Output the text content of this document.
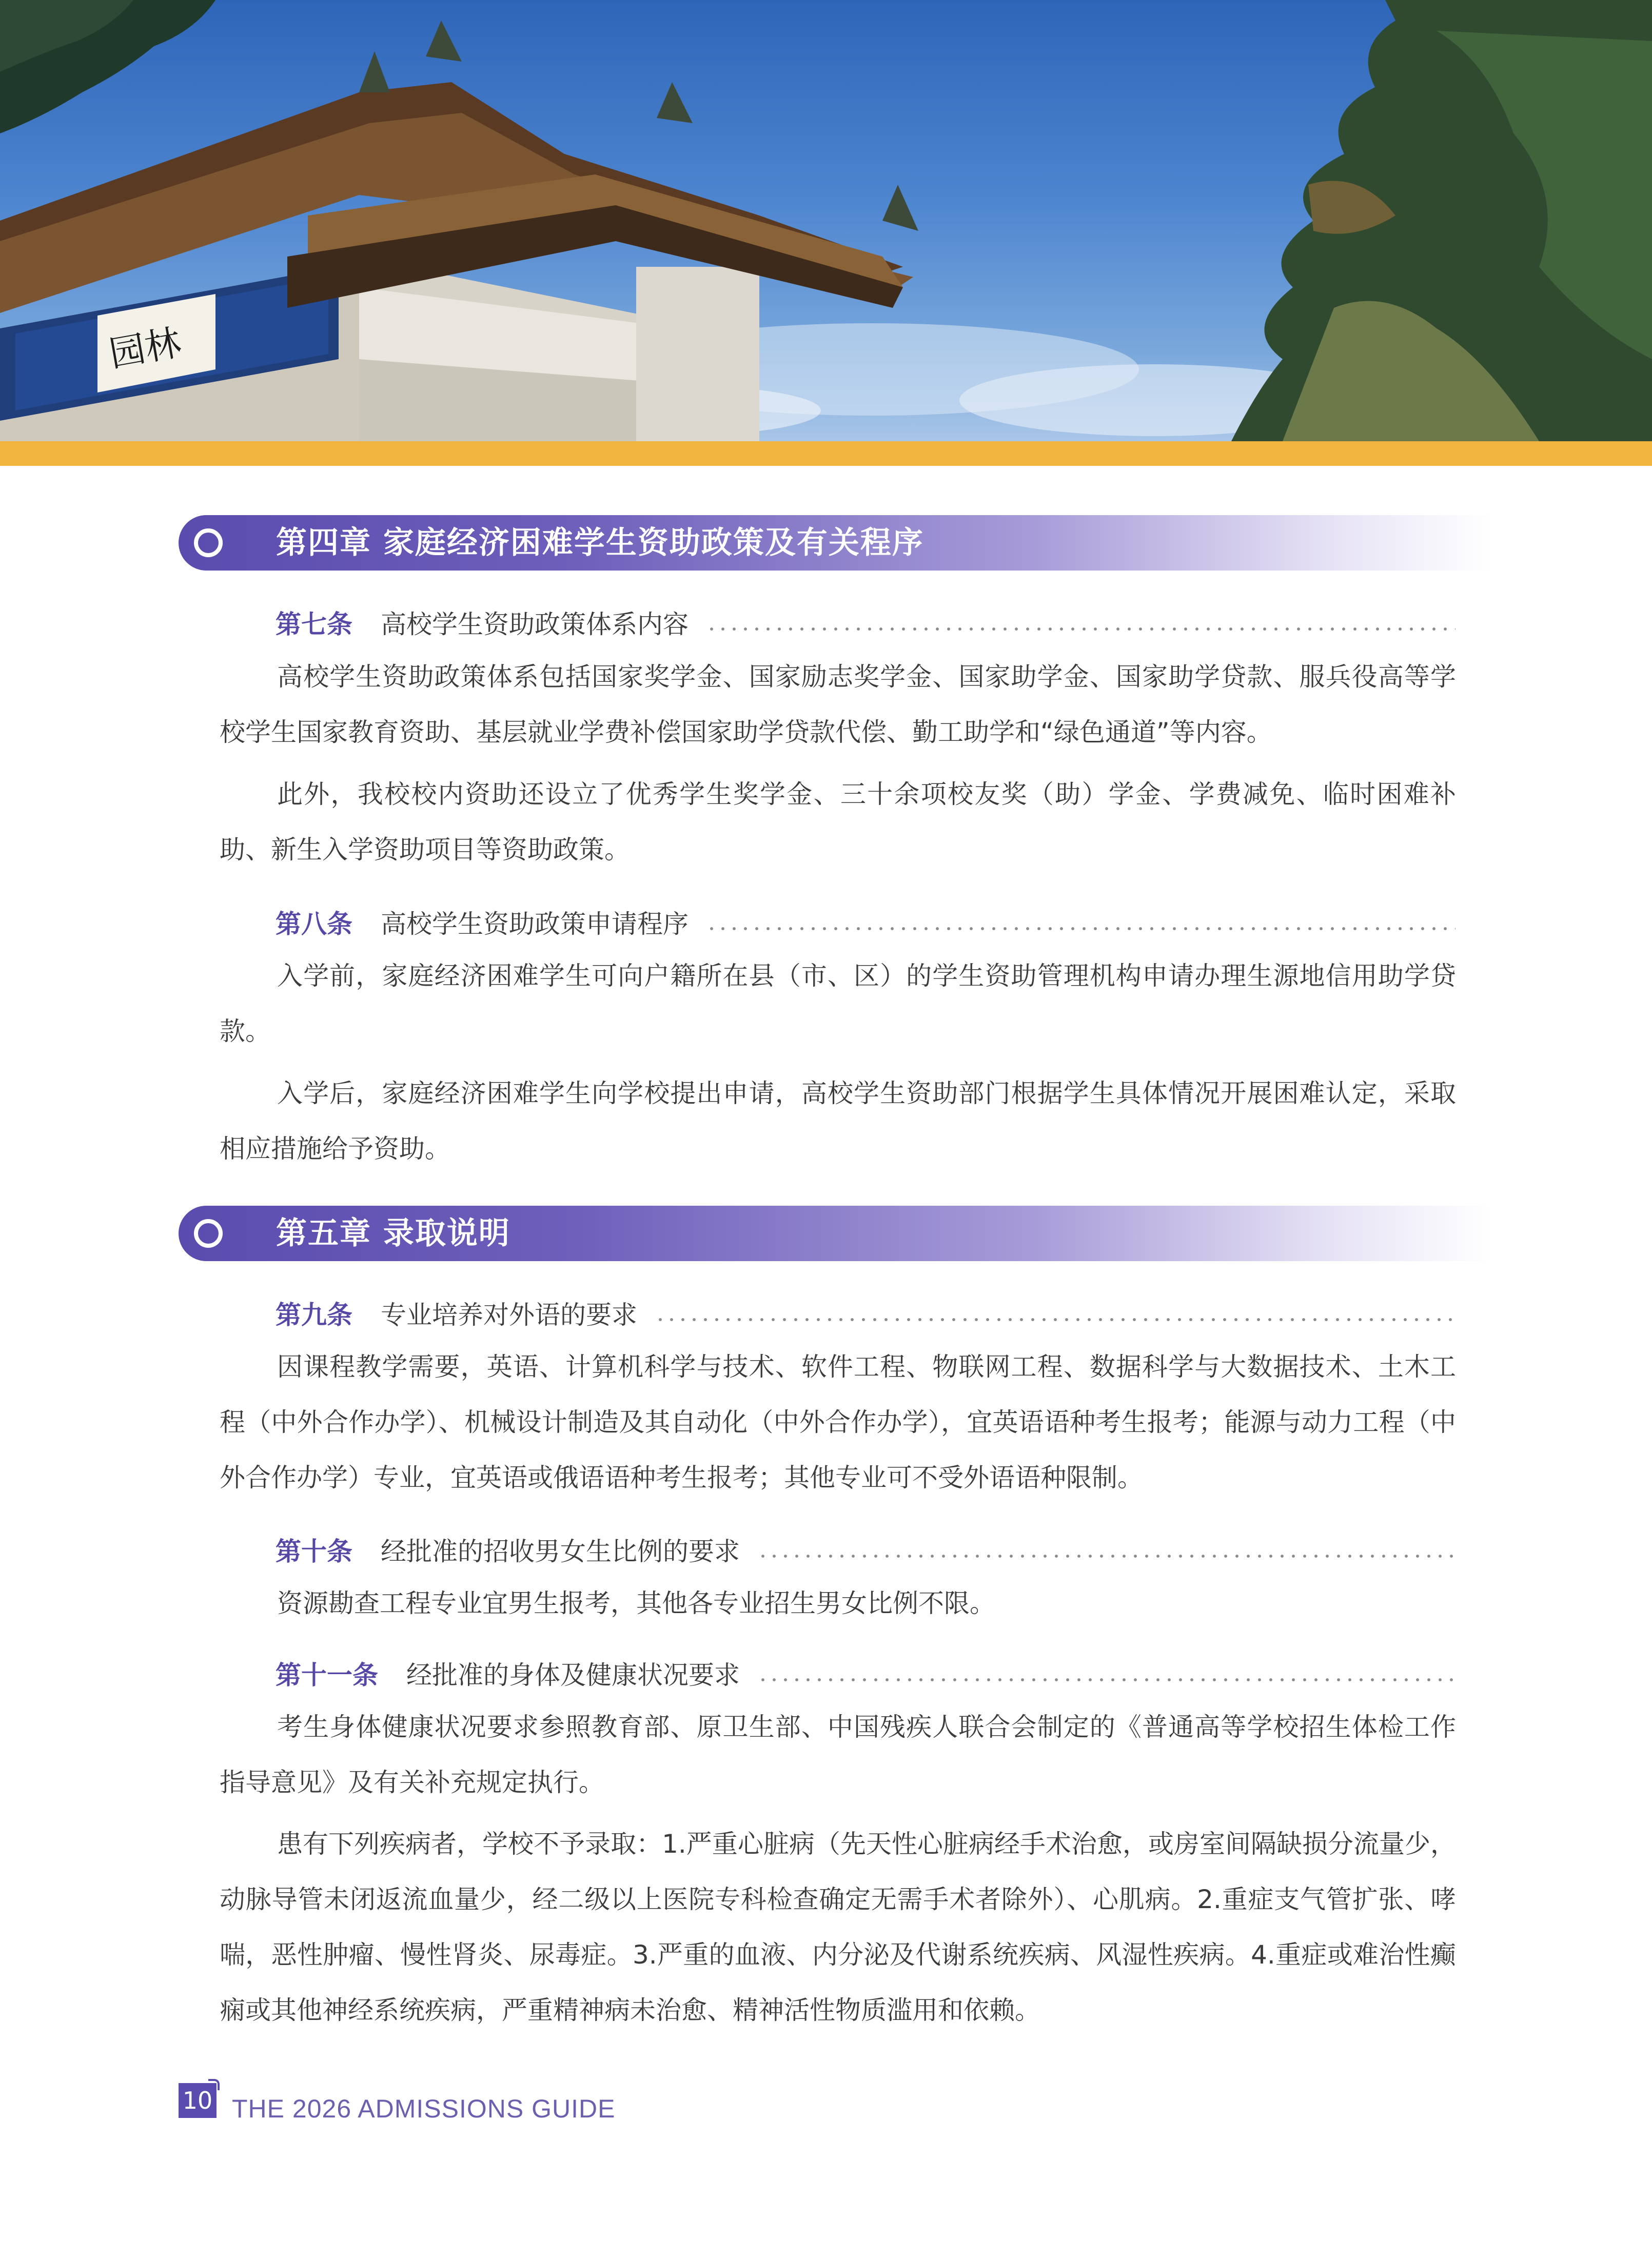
园林
第四章 家庭经济困难学生资助政策及有关程序
第七条 高校学生资助政策体系内容

高校学生资助政策体系包括国家奖学金、国家励志奖学金、国家助学金、国家助学贷款、服兵役高等学校学生国家教育资助、基层就业学费补偿国家助学贷款代偿、勤工助学和“绿色通道”等内容。

此外，我校校内资助还设立了优秀学生奖学金、三十余项校友奖（助）学金、学费减免、临时困难补助、新生入学资助项目等资助政策。

第八条 高校学生资助政策申请程序

入学前，家庭经济困难学生可向户籍所在县（市、区）的学生资助管理机构申请办理生源地信用助学贷款。

入学后，家庭经济困难学生向学校提出申请，高校学生资助部门根据学生具体情况开展困难认定，采取相应措施给予资助。

第五章 录取说明
第九条 专业培养对外语的要求

因课程教学需要，英语、计算机科学与技术、软件工程、物联网工程、数据科学与大数据技术、土木工程（中外合作办学）、机械设计制造及其自动化（中外合作办学），宜英语语种考生报考；能源与动力工程（中外合作办学）专业，宜英语或俄语语种考生报考；其他专业可不受外语语种限制。

第十条 经批准的招收男女生比例的要求

资源勘查工程专业宜男生报考，其他各专业招生男女比例不限。

第十一条 经批准的身体及健康状况要求

考生身体健康状况要求参照教育部、原卫生部、中国残疾人联合会制定的《普通高等学校招生体检工作指导意见》及有关补充规定执行。

患有下列疾病者，学校不予录取：1.严重心脏病（先天性心脏病经手术治愈，或房室间隔缺损分流量少，动脉导管未闭返流血量少，经二级以上医院专科检查确定无需手术者除外）、心肌病。2.重症支气管扩张、哮喘，恶性肿瘤、慢性肾炎、尿毒症。3.严重的血液、内分泌及代谢系统疾病、风湿性疾病。4.重症或难治性癫痫或其他神经系统疾病，严重精神病未治愈、精神活性物质滥用和依赖。

10 THE 2026 ADMISSIONS GUIDE
